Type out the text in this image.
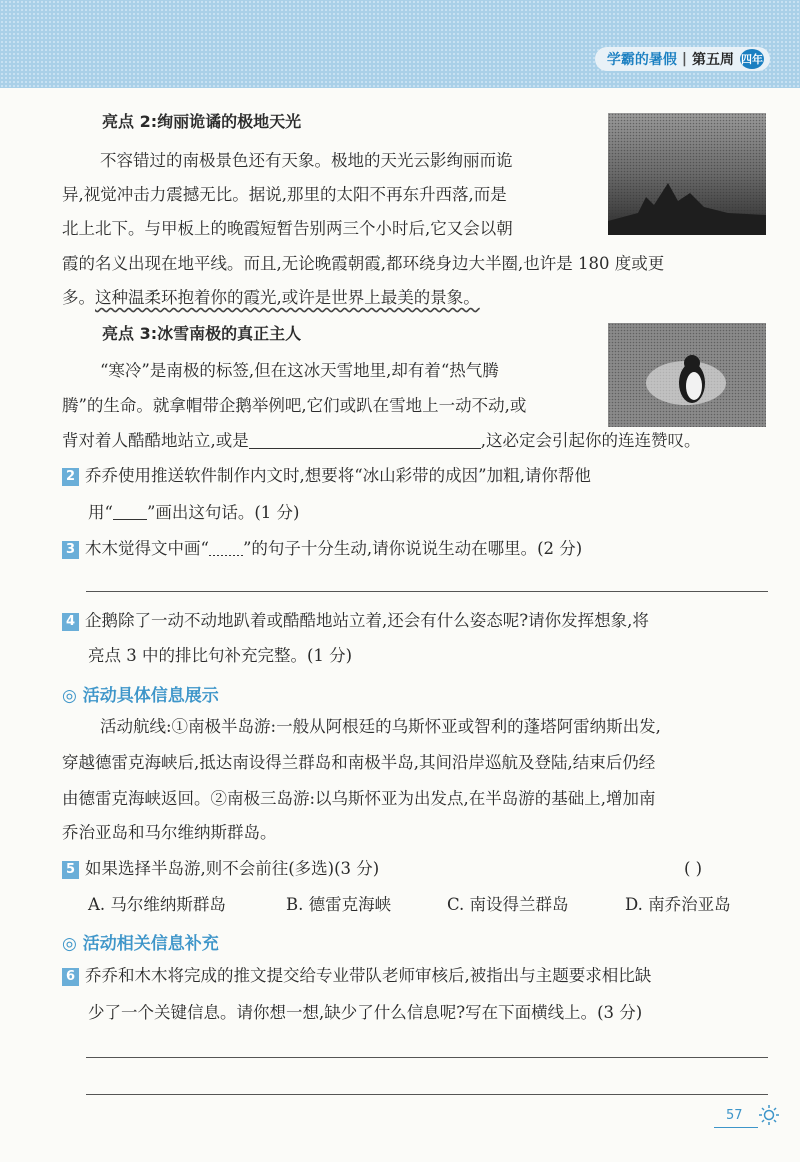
学霸的暑假 | 第五周 四年
亮点 2:绚丽诡谲的极地天光
不容错过的南极景色还有天象。极地的天光云影绚丽而诡
异,视觉冲击力震撼无比。据说,那里的太阳不再东升西落,而是
北上北下。与甲板上的晚霞短暂告别两三个小时后,它又会以朝
霞的名义出现在地平线。而且,无论晚霞朝霞,都环绕身边大半圈,也许是 180 度或更
多。这种温柔环抱着你的霞光,或许是世界上最美的景象。
亮点 3:冰雪南极的真正主人
“寒冷”是南极的标签,但在这冰天雪地里,却有着“热气腾
腾”的生命。就拿帽带企鹅举例吧,它们或趴在雪地上一动不动,或
背对着人酷酷地站立,或是	,这必定会引起你的连连赞叹。
2 乔乔使用推送软件制作内文时,想要将“冰山彩带的成因”加粗,请你帮他
用“ ”画出这句话。(1 分)
3 木木觉得文中画“ ”的句子十分生动,请你说说生动在哪里。(2 分)
4 企鹅除了一动不动地趴着或酷酷地站立着,还会有什么姿态呢?请你发挥想象,将
亮点 3 中的排比句补充完整。(1 分)
◎ 活动具体信息展示
活动航线:①南极半岛游:一般从阿根廷的乌斯怀亚或智利的蓬塔阿雷纳斯出发,
穿越德雷克海峡后,抵达南设得兰群岛和南极半岛,其间沿岸巡航及登陆,结束后仍经
由德雷克海峡返回。②南极三岛游:以乌斯怀亚为出发点,在半岛游的基础上,增加南
乔治亚岛和马尔维纳斯群岛。
5 如果选择半岛游,则不会前往(多选)(3 分)	( )
A. 马尔维纳斯群岛	B. 德雷克海峡	C. 南设得兰群岛	D. 南乔治亚岛
◎ 活动相关信息补充
6 乔乔和木木将完成的推文提交给专业带队老师审核后,被指出与主题要求相比缺
少了一个关键信息。请你想一想,缺少了什么信息呢?写在下面横线上。(3 分)
57
